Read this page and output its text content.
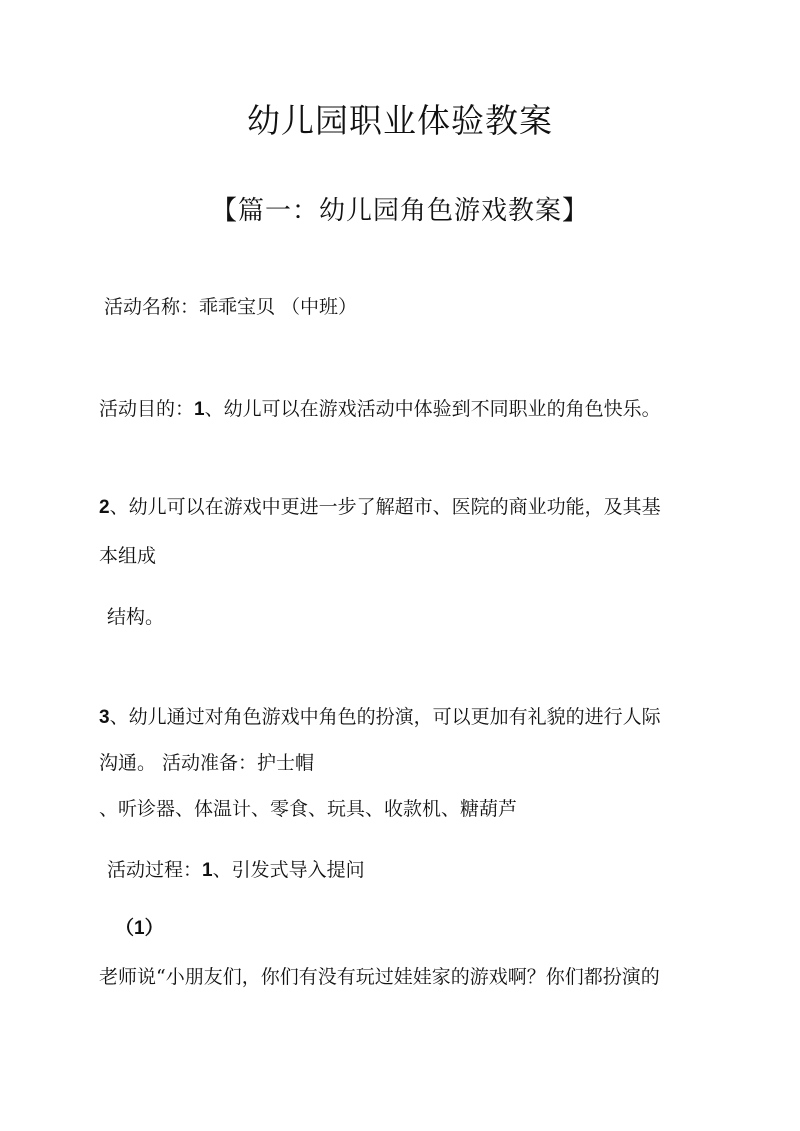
幼儿园职业体验教案
【篇一：幼儿园角色游戏教案】
活动名称：乖乖宝贝 （中班）
活动目的：1、幼儿可以在游戏活动中体验到不同职业的角色快乐。
2、幼儿可以在游戏中更进一步了解超市、医院的商业功能，及其基
本组成
结构。
3、幼儿通过对角色游戏中角色的扮演，可以更加有礼貌的进行人际
沟通。 活动准备：护士帽
、听诊器、体温计、零食、玩具、收款机、糖葫芦
活动过程：1、引发式导入提问
（1）
老师说“小朋友们，你们有没有玩过娃娃家的游戏啊？你们都扮演的
